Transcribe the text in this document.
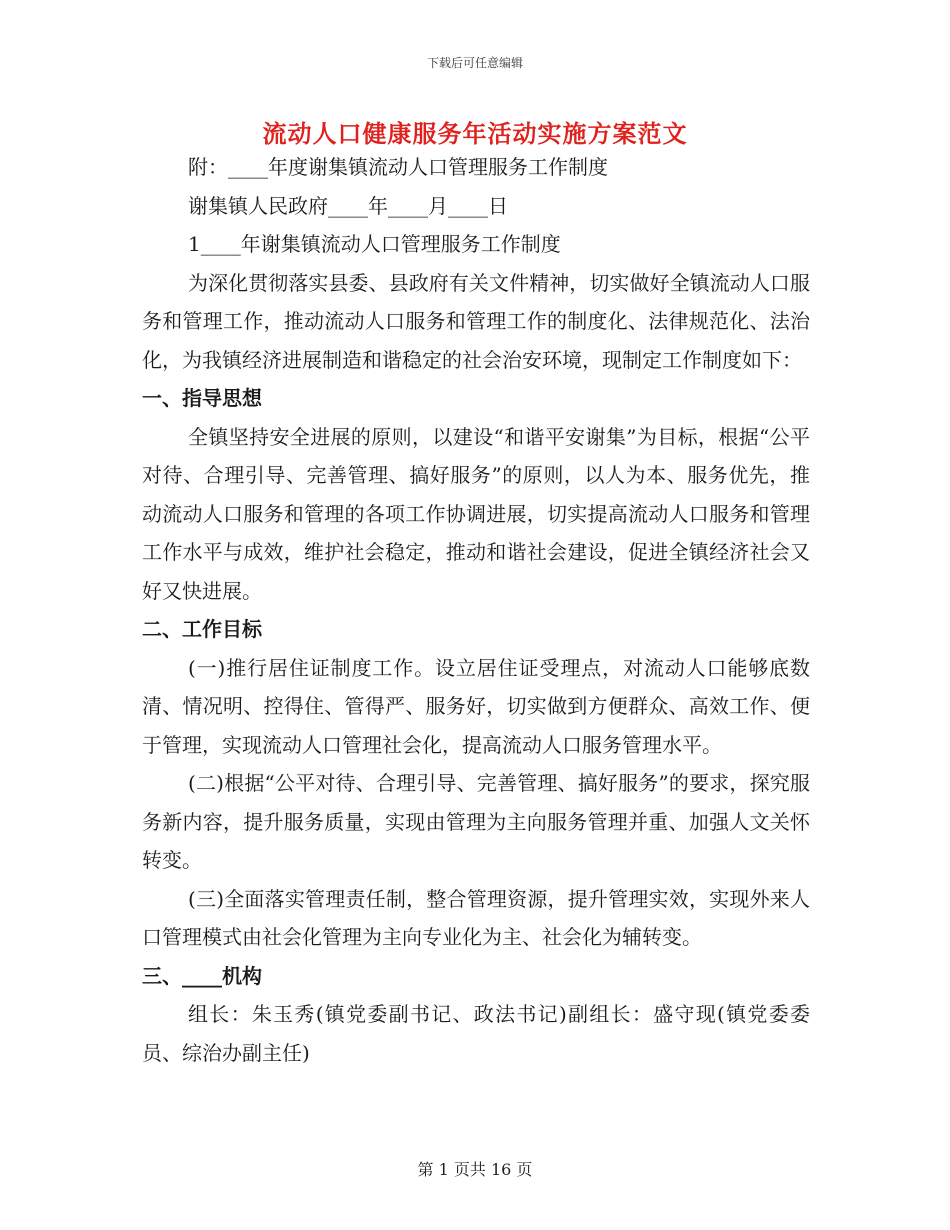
下载后可任意编辑
流动人口健康服务年活动实施方案范文

附：____年度谢集镇流动人口管理服务工作制度

谢集镇人民政府____年____月____日

1____年谢集镇流动人口管理服务工作制度

为深化贯彻落实县委、县政府有关文件精神，切实做好全镇流动人口服务和管理工作，推动流动人口服务和管理工作的制度化、法律规范化、法治化，为我镇经济进展制造和谐稳定的社会治安环境，现制定工作制度如下：

一、指导思想

全镇坚持安全进展的原则，以建设“和谐平安谢集”为目标，根据“公平对待、合理引导、完善管理、搞好服务”的原则，以人为本、服务优先，推动流动人口服务和管理的各项工作协调进展，切实提高流动人口服务和管理工作水平与成效，维护社会稳定，推动和谐社会建设，促进全镇经济社会又好又快进展。

二、工作目标

(一)推行居住证制度工作。设立居住证受理点，对流动人口能够底数清、情况明、控得住、管得严、服务好，切实做到方便群众、高效工作、便于管理，实现流动人口管理社会化，提高流动人口服务管理水平。

(二)根据“公平对待、合理引导、完善管理、搞好服务”的要求，探究服务新内容，提升服务质量，实现由管理为主向服务管理并重、加强人文关怀转变。

(三)全面落实管理责任制，整合管理资源，提升管理实效，实现外来人口管理模式由社会化管理为主向专业化为主、社会化为辅转变。

三、____机构

组长：朱玉秀(镇党委副书记、政法书记)副组长：盛守现(镇党委委员、综治办副主任)

第 1 页共 16 页
